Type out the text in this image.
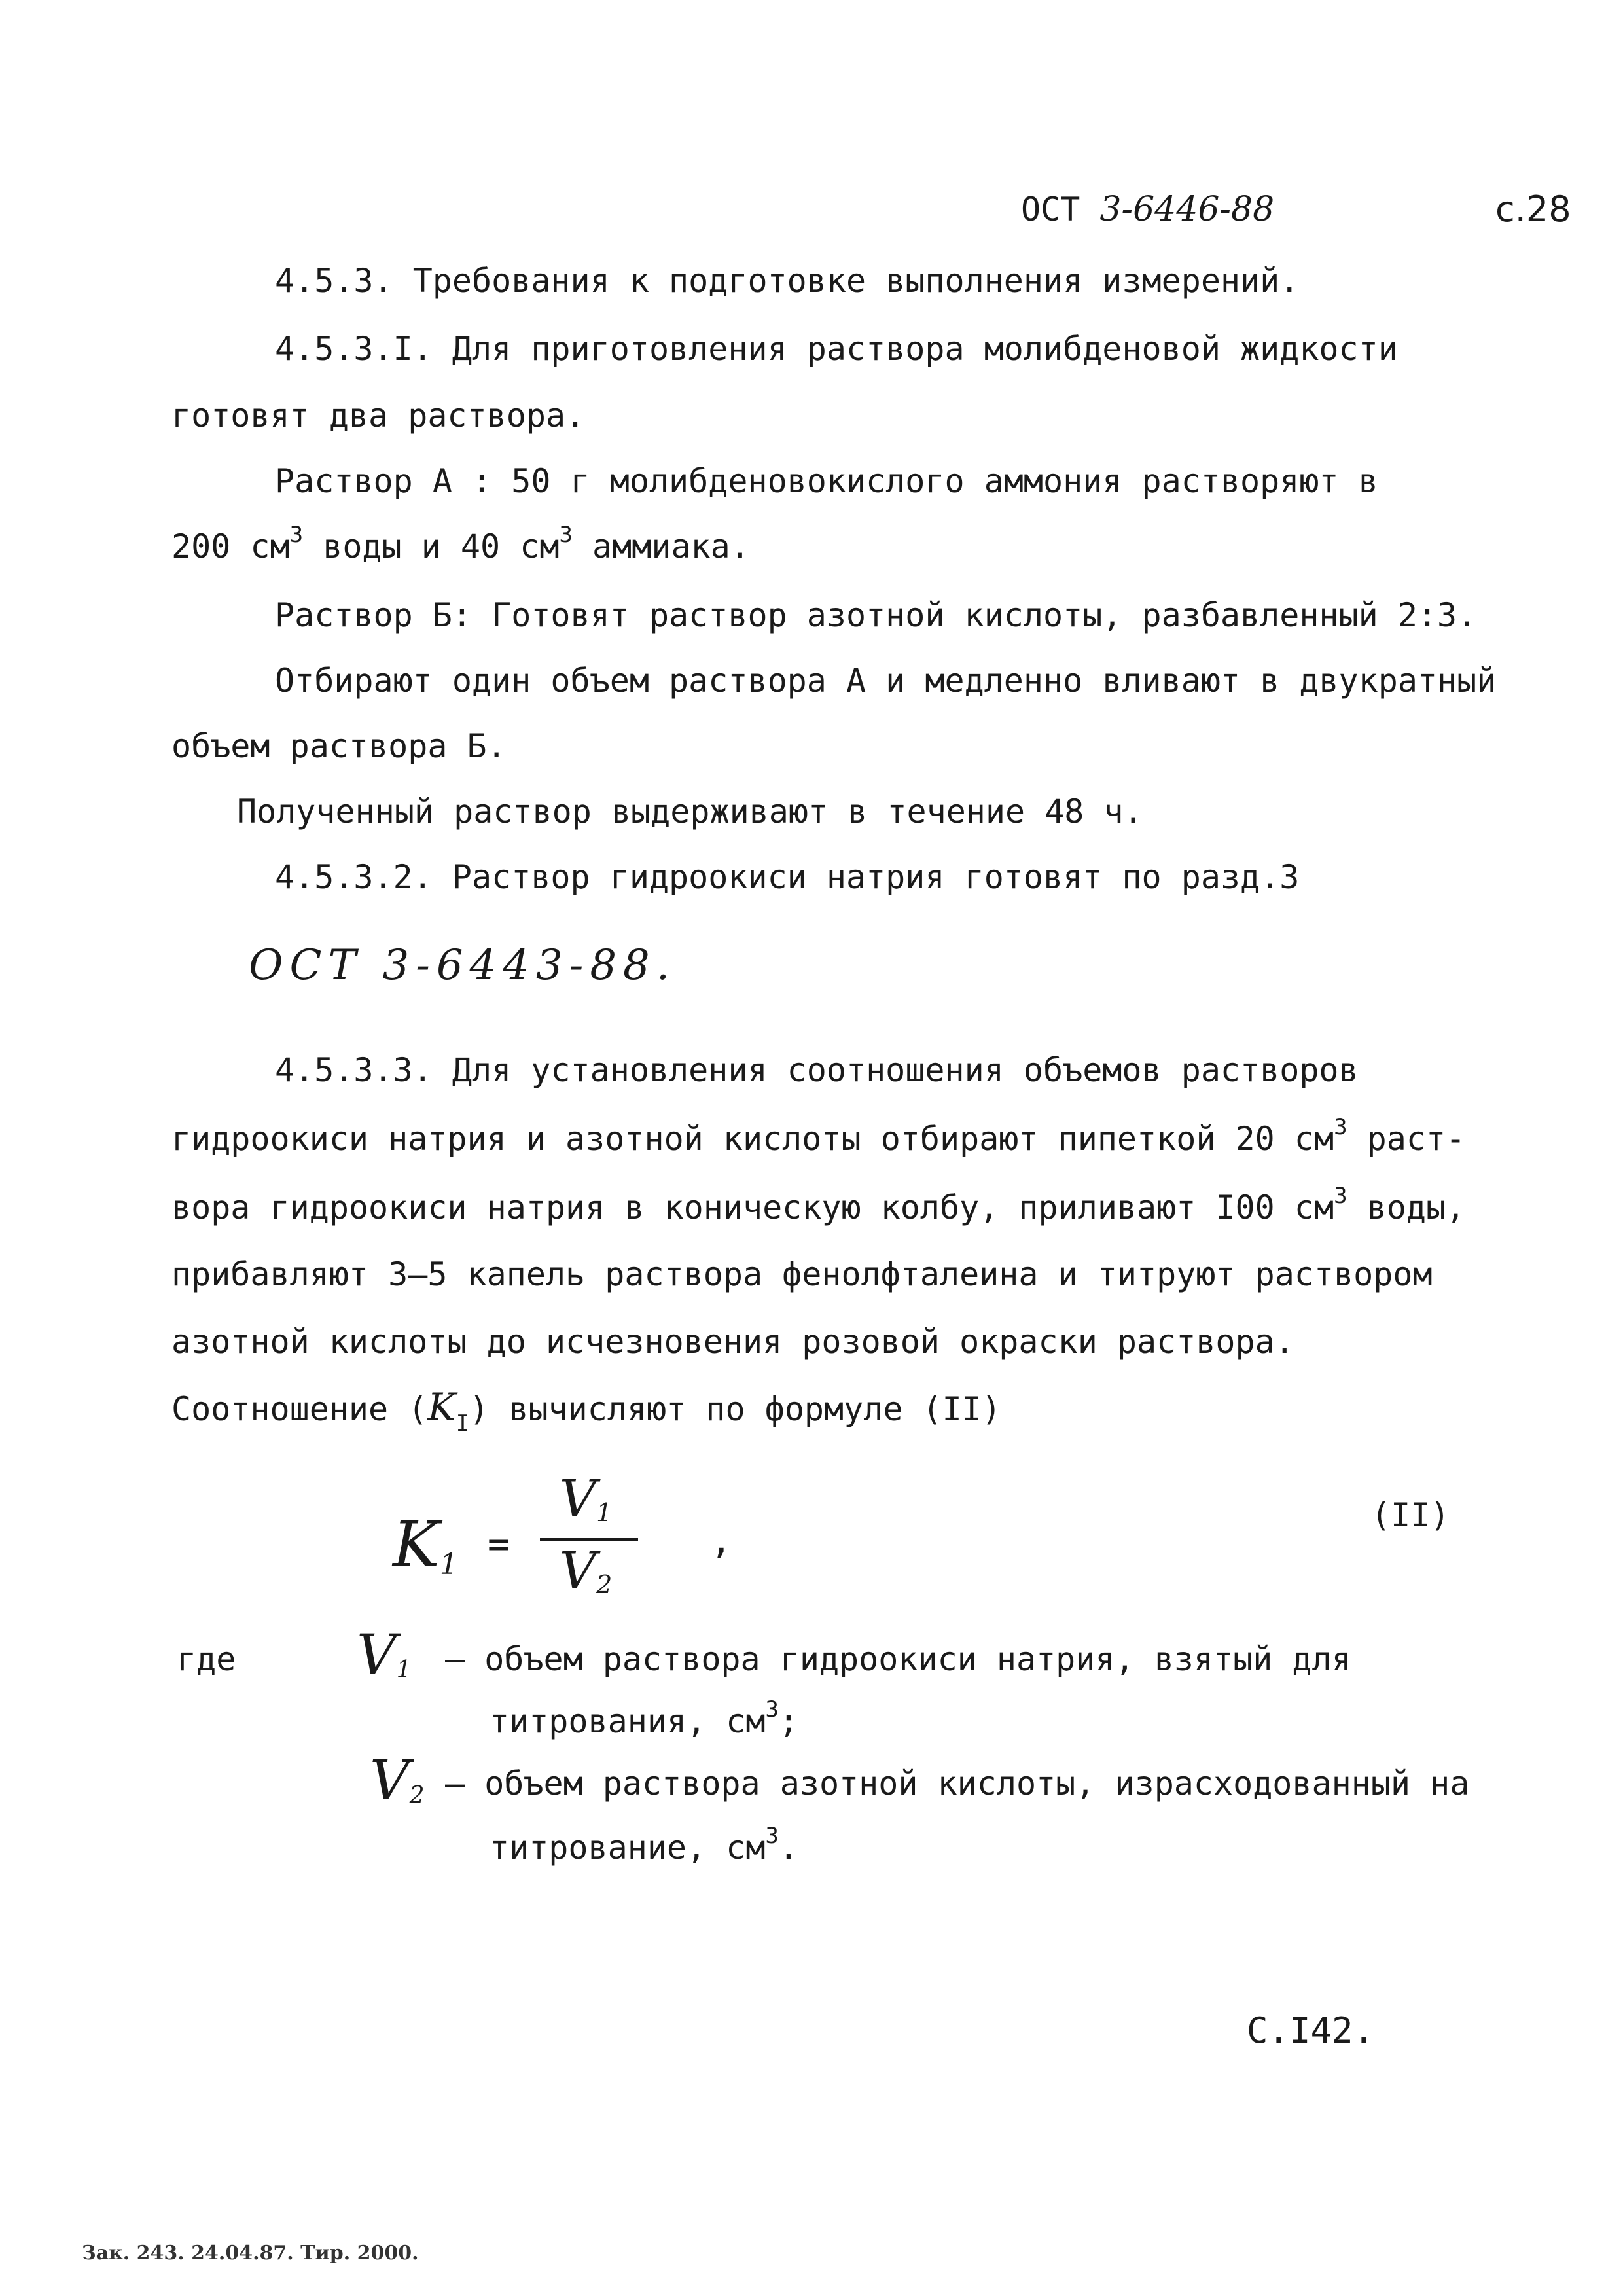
ОСТ 3-6446-88	с.28
4.5.3. Требования к подготовке выполнения измерений.
4.5.3.I. Для приготовления раствора молибденовой жидкости
готовят два раствора.
Раствор А : 50 г молибденовокислого аммония растворяют в
200 $см^3$ воды и 40 $см^3$ аммиака.
Раствор Б: Готовят раствор азотной кислоты, разбавленный 2:3.
Отбирают один объем раствора А и медленно вливают в двукратный
объем раствора Б.
Полученный раствор выдерживают в течение 48 ч.
4.5.3.2. Раствор гидроокиси натрия готовят по разд.3
ОСТ 3-6443-88.
4.5.3.3. Для установления соотношения объемов растворов
гидроокиси натрия и азотной кислоты отбирают пипеткой 20 $см^3$ раст-
вора гидроокиси натрия в коническую колбу, приливают I00 $см^3$ воды,
прибавляют 3–5 капель раствора фенолфталеина и титруют раствором
азотной кислоты до исчезновения розовой окраски раствора.
Соотношение $(K_I)$ вычисляют по формуле (II)
$K_1$ =
$V_1$
$V_2$
,
(II)
где $V_1$ – объем раствора гидроокиси натрия, взятый для
титрования, $см^3$;
$V_2$ – объем раствора азотной кислоты, израсходованный на
титрование, $см^3$.
С.I42.
Зак. 243. 24.04.87. Тир. 2000.
